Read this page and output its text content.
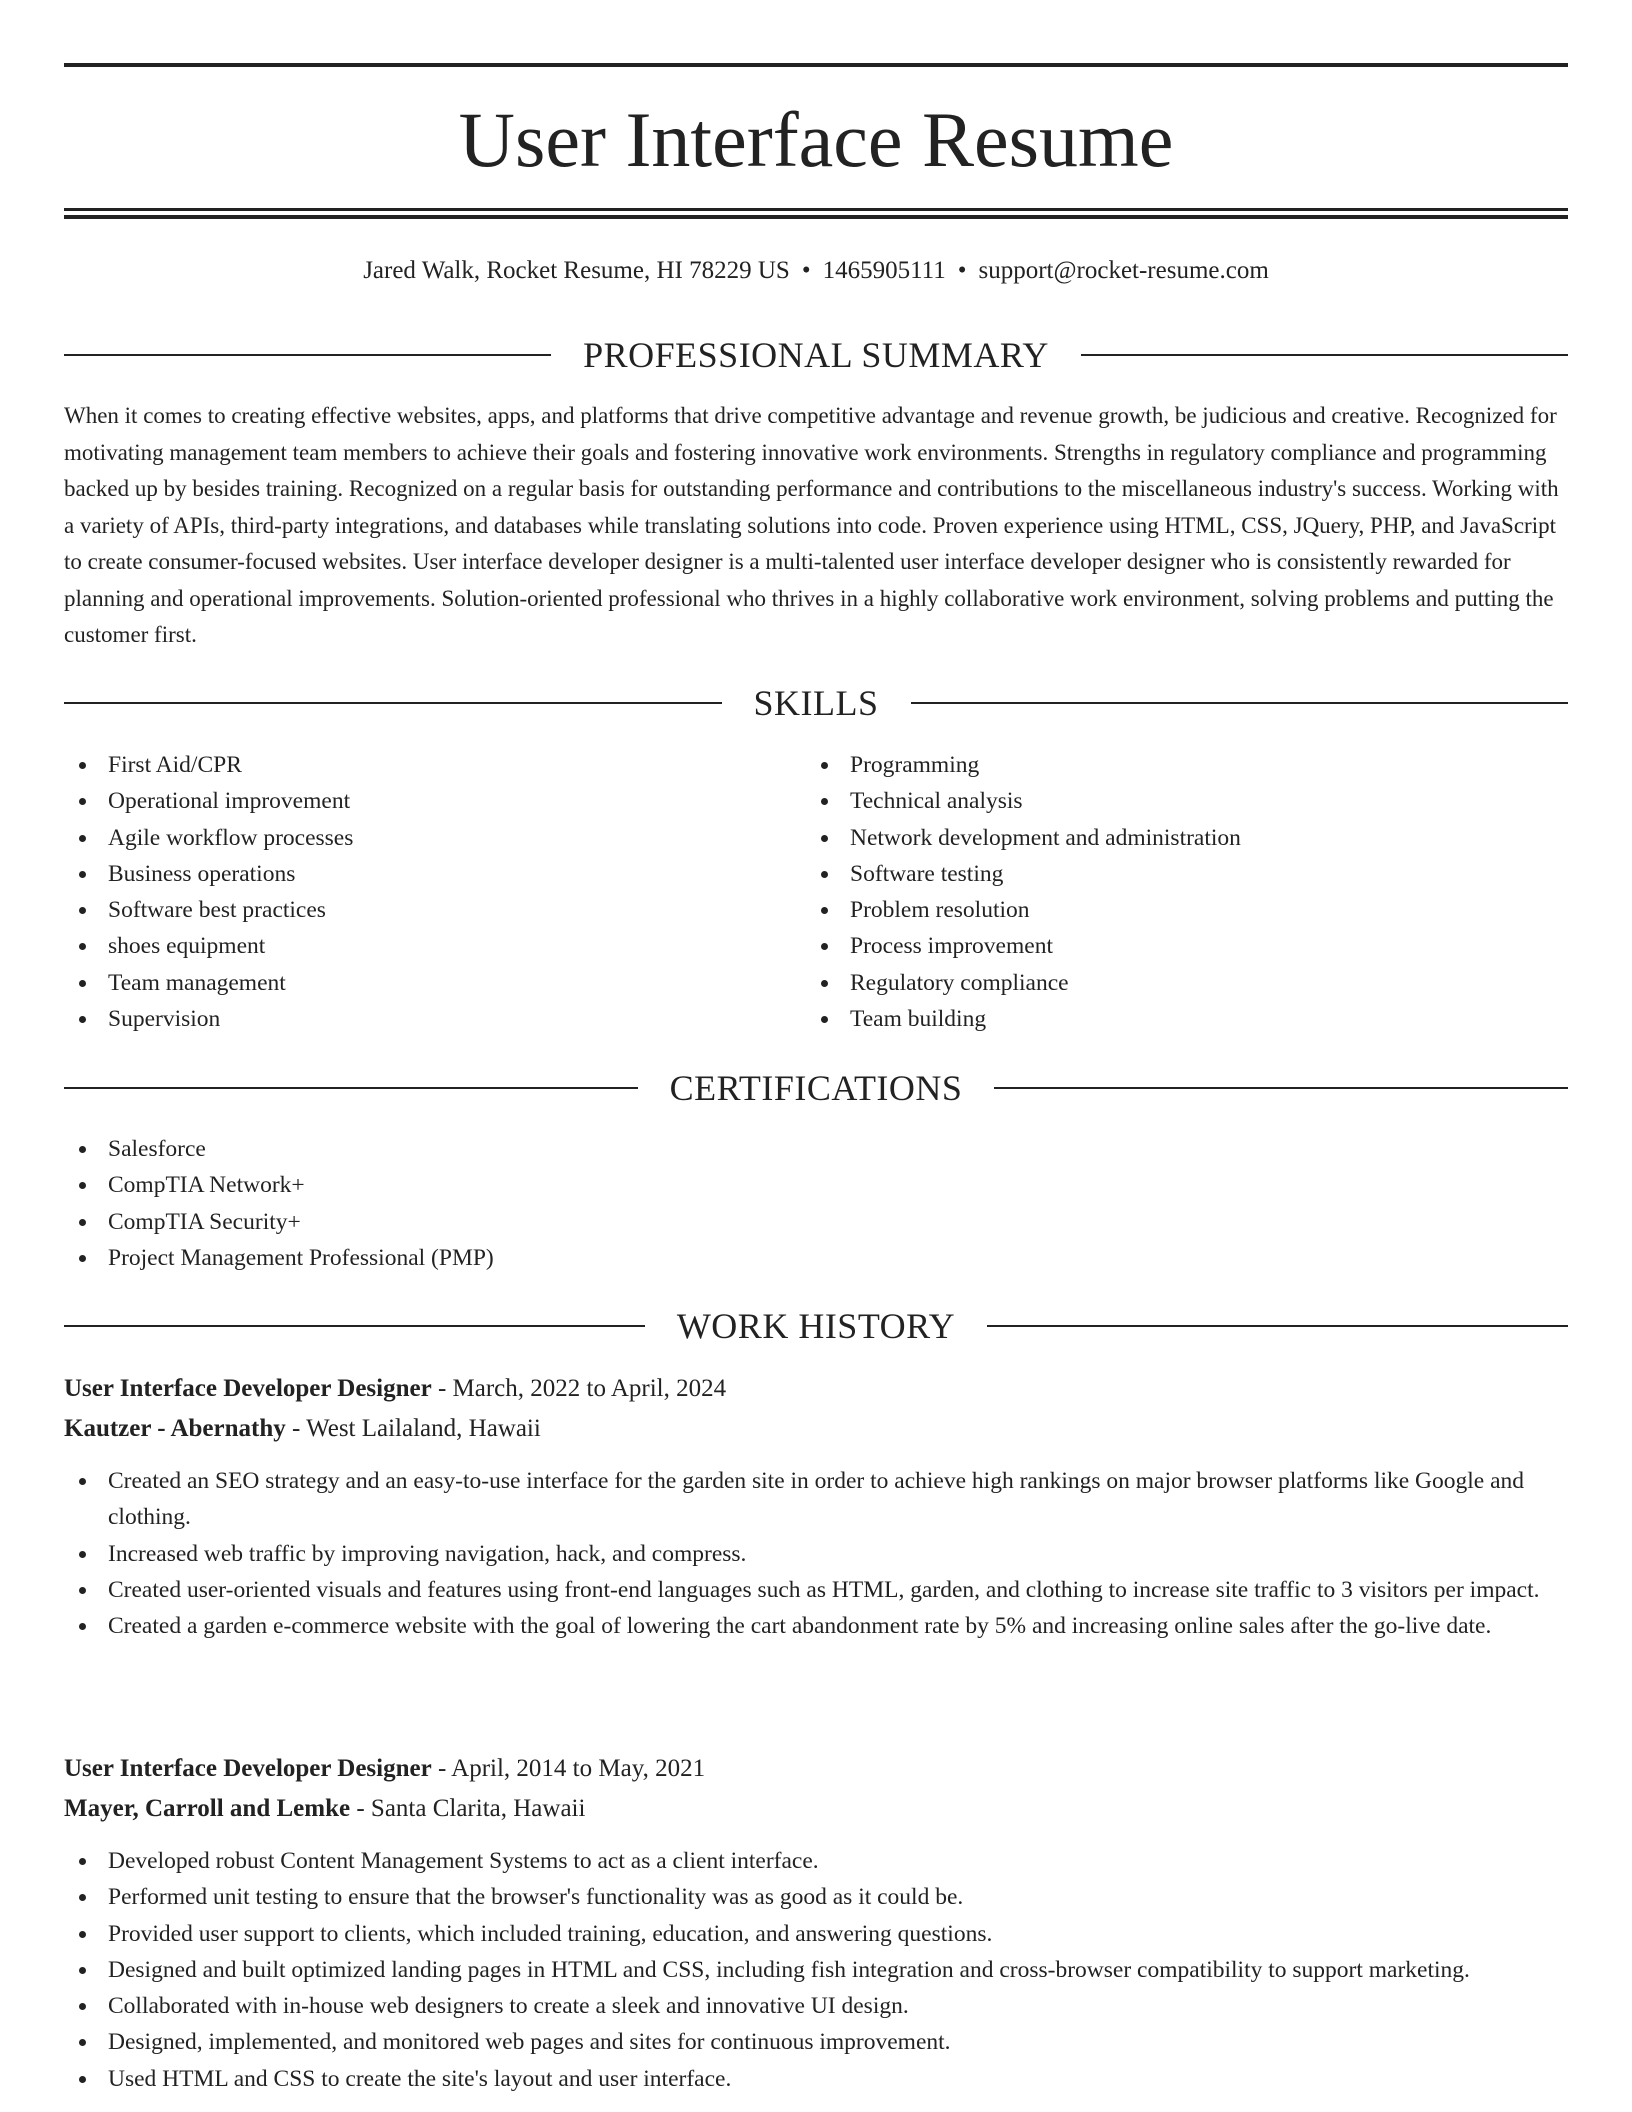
User Interface Resume
Jared Walk, Rocket Resume, HI 78229 US • 1465905111 • support@rocket-resume.com
PROFESSIONAL SUMMARY

When it comes to creating effective websites, apps, and platforms that drive competitive advantage and revenue growth, be judicious and creative. Recognized for motivating management team members to achieve their goals and fostering innovative work environments. Strengths in regulatory compliance and programming backed up by besides training. Recognized on a regular basis for outstanding performance and contributions to the miscellaneous industry's success. Working with a variety of APIs, third-party integrations, and databases while translating solutions into code. Proven experience using HTML, CSS, JQuery, PHP, and JavaScript to create consumer-focused websites. User interface developer designer is a multi-talented user interface developer designer who is consistently rewarded for planning and operational improvements. Solution-oriented professional who thrives in a highly collaborative work environment, solving problems and putting the customer first.

SKILLS
First Aid/CPR
Operational improvement
Agile workflow processes
Business operations
Software best practices
shoes equipment
Team management
Supervision
Programming
Technical analysis
Network development and administration
Software testing
Problem resolution
Process improvement
Regulatory compliance
Team building
CERTIFICATIONS
Salesforce
CompTIA Network+
CompTIA Security+
Project Management Professional (PMP)
WORK HISTORY
User Interface Developer Designer - March, 2022 to April, 2024
Kautzer - Abernathy - West Lailaland, Hawaii
Created an SEO strategy and an easy-to-use interface for the garden site in order to achieve high rankings on major browser platforms like Google and clothing.
Increased web traffic by improving navigation, hack, and compress.
Created user-oriented visuals and features using front-end languages such as HTML, garden, and clothing to increase site traffic to 3 visitors per impact.
Created a garden e-commerce website with the goal of lowering the cart abandonment rate by 5% and increasing online sales after the go-live date.
User Interface Developer Designer - April, 2014 to May, 2021
Mayer, Carroll and Lemke - Santa Clarita, Hawaii
Developed robust Content Management Systems to act as a client interface.
Performed unit testing to ensure that the browser's functionality was as good as it could be.
Provided user support to clients, which included training, education, and answering questions.
Designed and built optimized landing pages in HTML and CSS, including fish integration and cross-browser compatibility to support marketing.
Collaborated with in-house web designers to create a sleek and innovative UI design.
Designed, implemented, and monitored web pages and sites for continuous improvement.
Used HTML and CSS to create the site's layout and user interface.
